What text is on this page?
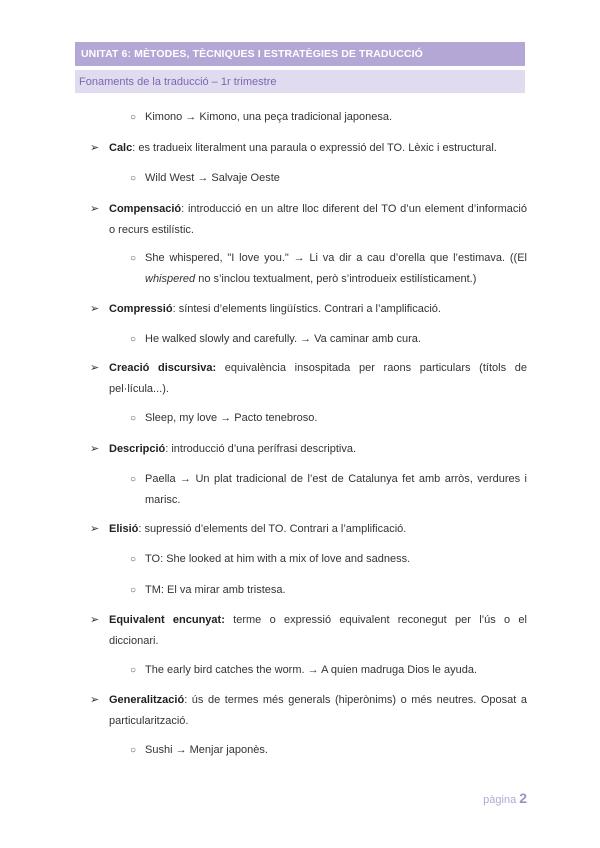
UNITAT 6: MÈTODES, TÈCNIQUES I ESTRATÈGIES DE TRADUCCIÓ
Fonaments de la traducció – 1r trimestre
○ Kimono → Kimono, una peça tradicional japonesa.
➢ Calc: es tradueix literalment una paraula o expressió del TO. Lèxic i estructural.
○ Wild West → Salvaje Oeste
➢ Compensació: introducció en un altre lloc diferent del TO d’un element d’informació o recurs estilístic.
○ She whispered, "I love you." → Li va dir a cau d’orella que l’estimava. ((El whispered no s’inclou textualment, però s’introdueix estilísticament.)
➢ Compressió: síntesi d’elements lingüístics. Contrari a l’amplificació.
○ He walked slowly and carefully. → Va caminar amb cura.
➢ Creació discursiva: equivalència insospitada per raons particulars (títols de pel·lícula...).
○ Sleep, my love → Pacto tenebroso.
➢ Descripció: introducció d’una perífrasi descriptiva.
○ Paella → Un plat tradicional de l’est de Catalunya fet amb arròs, verdures i marisc.
➢ Elisió: supressió d’elements del TO. Contrari a l’amplificació.
○ TO: She looked at him with a mix of love and sadness.
○ TM: El va mirar amb tristesa.
➢ Equivalent encunyat: terme o expressió equivalent reconegut per l’ús o el diccionari.
○ The early bird catches the worm. → A quien madruga Dios le ayuda.
➢ Generalització: ús de termes més generals (hiperònims) o més neutres. Oposat a particularització.
○ Sushi → Menjar japonès.
pàgina 2
